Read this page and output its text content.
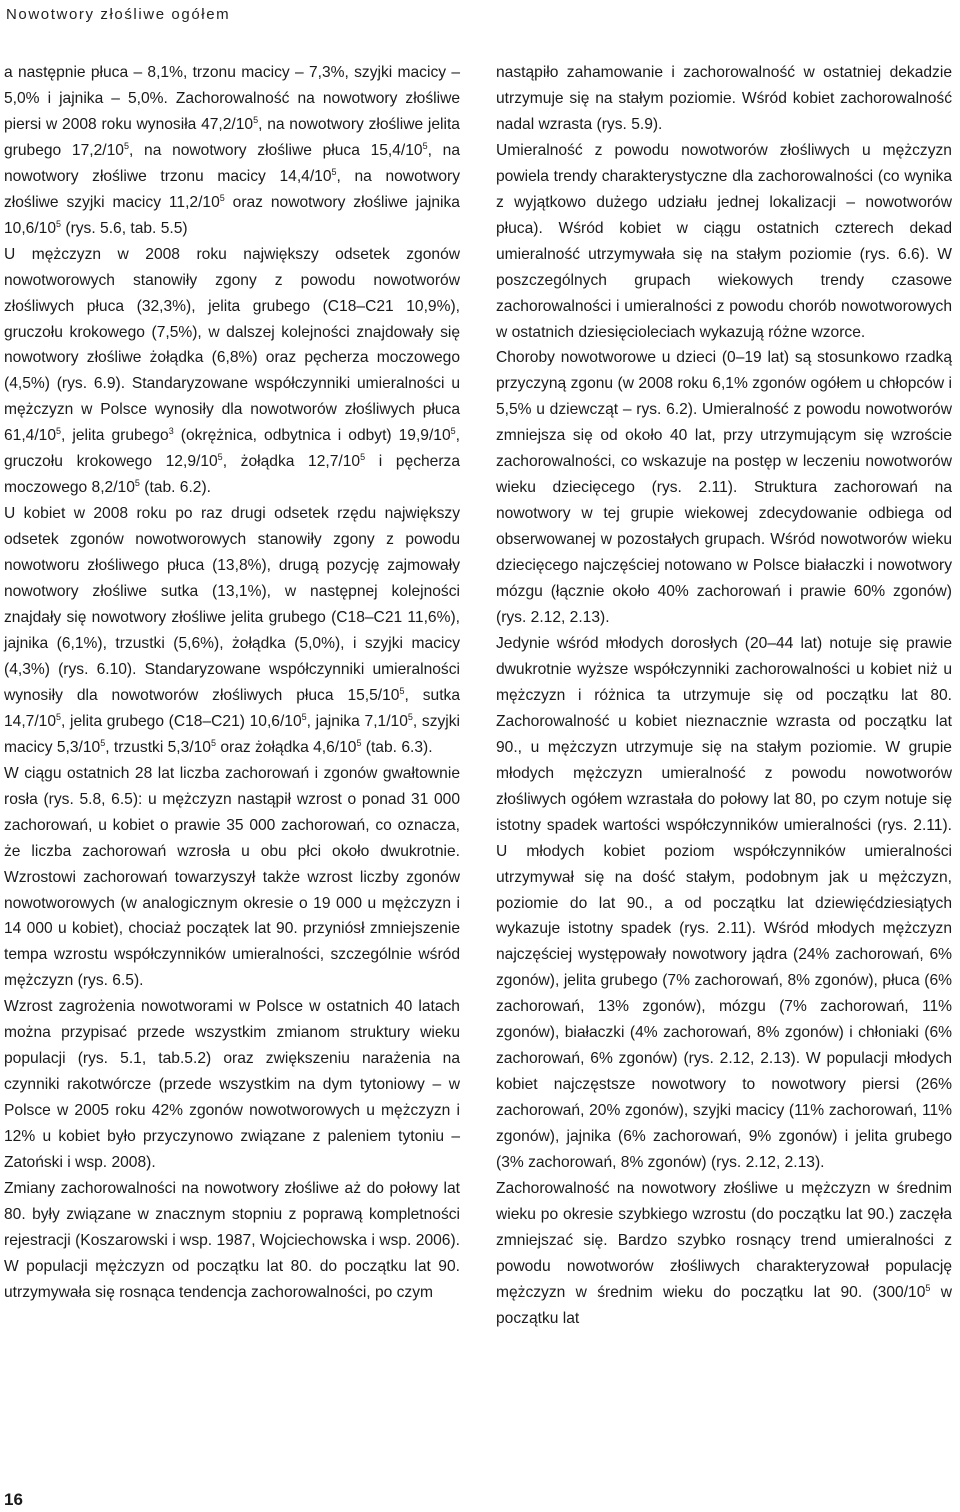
Nowotwory złośliwe ogółem

a następnie płuca – 8,1%, trzonu macicy – 7,3%, szyjki macicy – 5,0% i jajnika – 5,0%. Zachorowalność na nowotwory złośliwe piersi w 2008 roku wynosiła $47,2/10^5$, na nowotwory złośliwe jelita grubego $17,2/10^5$, na nowotwory złośliwe płuca $15,4/10^5$, na nowotwory złośliwe trzonu macicy $14,4/10^5$, na nowotwory złośliwe szyjki macicy $11,2/10^5$ oraz nowotwory złośliwe jajnika $10,6/10^5$ (rys. 5.6, tab. 5.5)

U mężczyzn w 2008 roku największy odsetek zgonów nowotworowych stanowiły zgony z powodu nowotworów złośliwych płuca (32,3%), jelita grubego (C18–C21 10,9%), gruczołu krokowego (7,5%), w dalszej kolejności znajdowały się nowotwory złośliwe żołądka (6,8%) oraz pęcherza moczowego (4,5%) (rys. 6.9). Standaryzowane współczynniki umieralności u mężczyzn w Polsce wynosiły dla nowotworów złośliwych płuca $61,4/10^5$, jelita grubego$^3$ (okrężnica, odbytnica i odbyt) $19,9/10^5$, gruczołu krokowego $12,9/10^5$, żołądka $12,7/10^5$ i pęcherza moczowego $8,2/10^5$ (tab. 6.2).

U kobiet w 2008 roku po raz drugi odsetek rzędu największy odsetek zgonów nowotworowych stanowiły zgony z powodu nowotworu złośliwego płuca (13,8%), drugą pozycję zajmowały nowotwory złośliwe sutka (13,1%), w następnej kolejności znajdały się nowotwory złośliwe jelita grubego (C18–C21 11,6%), jajnika (6,1%), trzustki (5,6%), żołądka (5,0%), i szyjki macicy (4,3%) (rys. 6.10). Standaryzowane współczynniki umieralności wynosiły dla nowotworów złośliwych płuca $15,5/10^5$, sutka $14,7/10^5$, jelita grubego (C18–C21) $10,6/10^5$, jajnika $7,1/10^5$, szyjki macicy $5,3/10^5$, trzustki $5,3/10^5$ oraz żołądka $4,6/10^5$ (tab. 6.3).

W ciągu ostatnich 28 lat liczba zachorowań i zgonów gwałtownie rosła (rys. 5.8, 6.5): u mężczyzn nastąpił wzrost o ponad 31 000 zachorowań, u kobiet o prawie 35 000 zachorowań, co oznacza, że liczba zachorowań wzrosła u obu płci około dwukrotnie. Wzrostowi zachorowań towarzyszył także wzrost liczby zgonów nowotworowych (w analogicznym okresie o 19 000 u mężczyzn i 14 000 u kobiet), chociaż początek lat 90. przyniósł zmniejszenie tempa wzrostu współczynników umieralności, szczególnie wśród mężczyzn (rys. 6.5).

Wzrost zagrożenia nowotworami w Polsce w ostatnich 40 latach można przypisać przede wszystkim zmianom struktury wieku populacji (rys. 5.1, tab.5.2) oraz zwiększeniu narażenia na czynniki rakotwórcze (przede wszystkim na dym tytoniowy – w Polsce w 2005 roku 42% zgonów nowotworowych u mężczyzn i 12% u kobiet było przyczynowo związane z paleniem tytoniu – Zatoński i wsp. 2008).

Zmiany zachorowalności na nowotwory złośliwe aż do połowy lat 80. były związane w znacznym stopniu z poprawą kompletności rejestracji (Koszarowski i wsp. 1987, Wojciechowska i wsp. 2006). W populacji mężczyzn od początku lat 80. do początku lat 90. utrzymywała się rosnąca tendencja zachorowalności, po czym

nastąpiło zahamowanie i zachorowalność w ostatniej dekadzie utrzymuje się na stałym poziomie. Wśród kobiet zachorowalność nadal wzrasta (rys. 5.9).

Umieralność z powodu nowotworów złośliwych u mężczyzn powiela trendy charakterystyczne dla zachorowalności (co wynika z wyjątkowo dużego udziału jednej lokalizacji – nowotworów płuca). Wśród kobiet w ciągu ostatnich czterech dekad umieralność utrzymywała się na stałym poziomie (rys. 6.6). W poszczególnych grupach wiekowych trendy czasowe zachorowalności i umieralności z powodu chorób nowotworowych w ostatnich dziesięcioleciach wykazują różne wzorce.

Choroby nowotworowe u dzieci (0–19 lat) są stosunkowo rzadką przyczyną zgonu (w 2008 roku 6,1% zgonów ogółem u chłopców i 5,5% u dziewcząt – rys. 6.2). Umieralność z powodu nowotworów zmniejsza się od około 40 lat, przy utrzymującym się wzroście zachorowalności, co wskazuje na postęp w leczeniu nowotworów wieku dziecięcego (rys. 2.11). Struktura zachorowań na nowotwory w tej grupie wiekowej zdecydowanie odbiega od obserwowanej w pozostałych grupach. Wśród nowotworów wieku dziecięcego najczęściej notowano w Polsce białaczki i nowotwory mózgu (łącznie około 40% zachorowań i prawie 60% zgonów) (rys. 2.12, 2.13).

Jedynie wśród młodych dorosłych (20–44 lat) notuje się prawie dwukrotnie wyższe współczynniki zachorowalności u kobiet niż u mężczyzn i różnica ta utrzymuje się od początku lat 80. Zachorowalność u kobiet nieznacznie wzrasta od początku lat 90., u mężczyzn utrzymuje się na stałym poziomie. W grupie młodych mężczyzn umieralność z powodu nowotworów złośliwych ogółem wzrastała do połowy lat 80, po czym notuje się istotny spadek wartości współczynników umieralności (rys. 2.11). U młodych kobiet poziom współczynników umieralności utrzymywał się na dość stałym, podobnym jak u mężczyzn, poziomie do lat 90., a od początku lat dziewięćdziesiątych wykazuje istotny spadek (rys. 2.11). Wśród młodych mężczyzn najczęściej występowały nowotwory jądra (24% zachorowań, 6% zgonów), jelita grubego (7% zachorowań, 8% zgonów), płuca (6% zachorowań, 13% zgonów), mózgu (7% zachorowań, 11% zgonów), białaczki (4% zachorowań, 8% zgonów) i chłoniaki (6% zachorowań, 6% zgonów) (rys. 2.12, 2.13). W populacji młodych kobiet najczęstsze nowotwory to nowotwory piersi (26% zachorowań, 20% zgonów), szyjki macicy (11% zachorowań, 11% zgonów), jajnika (6% zachorowań, 9% zgonów) i jelita grubego (3% zachorowań, 8% zgonów) (rys. 2.12, 2.13).

Zachorowalność na nowotwory złośliwe u mężczyzn w średnim wieku po okresie szybkiego wzrostu (do początku lat 90.) zaczęła zmniejszać się. Bardzo szybko rosnący trend umieralności z powodu nowotworów złośliwych charakteryzował populację mężczyzn w średnim wieku do początku lat 90. ($300/10^5$ w początku lat

16
